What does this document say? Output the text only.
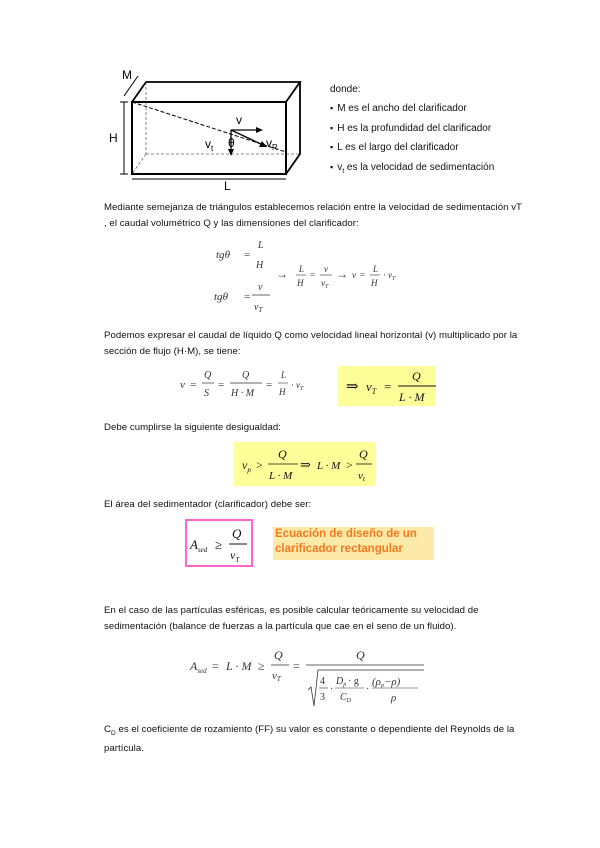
M
H
L
v
$v_t$ θ	$v_R$
donde:
▪ M es el ancho del clarificador
▪ H es la profundidad del clarificador
▪ L es el largo del clarificador
▪ $v_t$ es la velocidad de sedimentación
Mediante semejanza de triángulos establecemos relación entre la velocidad de sedimentación vT , el caudal volumétrico Q y las dimensiones del clarificador:
tgθ =
L
H
tgθ =
v
$v_T$
→ L
H
=
v
$v_T$
→ v =
L
H
· $v_T$
Podemos expresar el caudal de líquido Q como velocidad lineal horizontal (v) multiplicado por la sección de flujo (H·M), se tiene:
v =
Q
S
=
Q
H · M
=
L
H
· $v_T$	⇒ $v_T$ =
Q
L · M
Debe cumplirse la siguiente desigualdad:
$v_p$ >
Q
L · M
⇒ L · M >
Q
vt
El área del sedimentador (clarificador) debe ser:
$A_{sed}$ ≥
Q
$v_T$
Ecuación de diseño de un
clarificador rectangular
En el caso de las partículas esféricas, es posible calcular teóricamente su velocidad de sedimentación (balance de fuerzas a la partícula que cae en el seno de un fluido).
$A_{sed} = L \cdot M$ ≥
Q
vT
=
Q
4
3
·
$D_p \cdot g$
$C_D$
·
(ρp−ρ)
ρ
$C_D$ es el coeficiente de rozamiento (FF) su valor es constante o dependiente del Reynolds de la partícula.
